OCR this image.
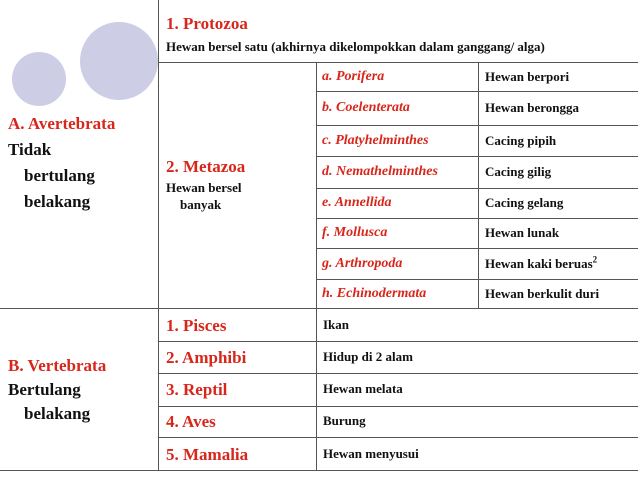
A. Avertebrata
Tidak
bertulang
belakang
1. Protozoa
Hewan bersel satu (akhirnya dikelompokkan dalam ganggang/ alga)
2. Metazoa
Hewan bersel
banyak
a. Porifera	Hewan berpori
b. Coelenterata	Hewan berongga
c. Platyhelminthes	Cacing pipih
d. Nemathelminthes	Cacing gilig
e. Annellida	Cacing gelang
f. Mollusca	Hewan lunak
g. Arthropoda	Hewan kaki beruas$^2$
h. Echinodermata	Hewan berkulit duri
B. Vertebrata
Bertulang
belakang
1. Pisces	Ikan
2. Amphibi	Hidup di 2 alam
3. Reptil	Hewan melata
4. Aves	Burung
5. Mamalia	Hewan menyusui
